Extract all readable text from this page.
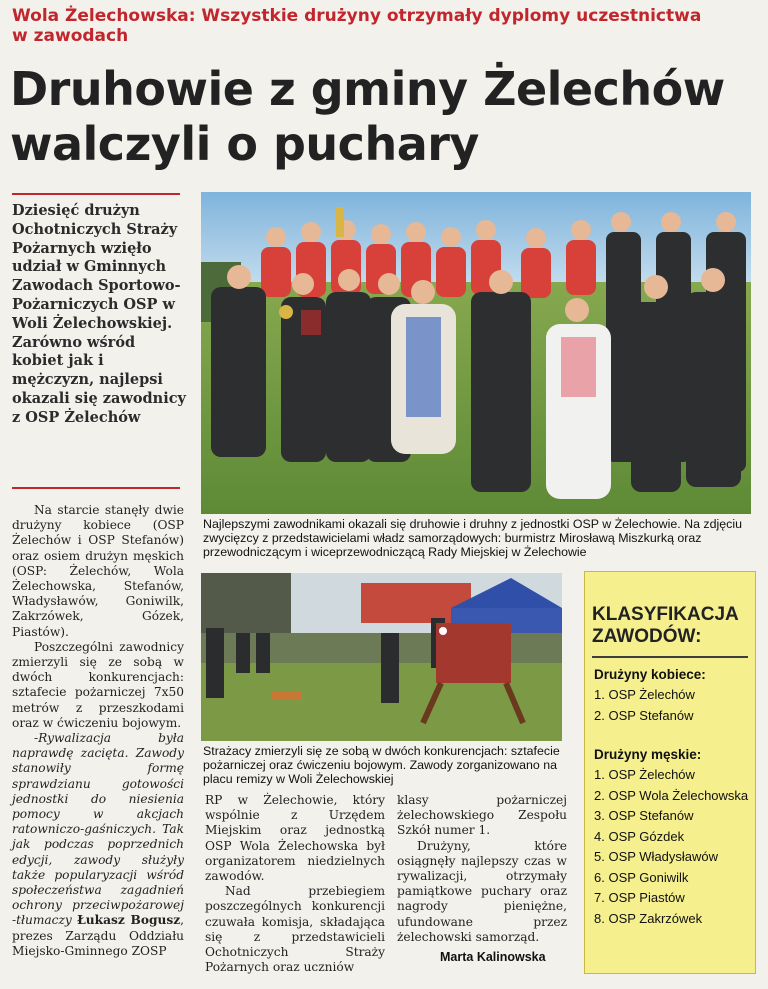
Wola Żelechowska: Wszystkie drużyny otrzymały dyplomy uczestnictwa w zawodach
Druhowie z gminy Żelechów walczyli o puchary
Dziesięć drużyn Ochotniczych Straży Pożarnych wzięło udział w Gminnych Zawodach Sportowo-Pożarniczych OSP w Woli Żelechowskiej. Zarówno wśród kobiet jak i mężczyzn, najlepsi okazali się zawodnicy z OSP Żelechów

Na starcie stanęły dwie drużyny kobiece (OSP Żelechów i OSP Stefanów) oraz osiem drużyn męskich (OSP: Żelechów, Wola Żelechowska, Stefanów, Władysławów, Goniwilk, Zakrzówek, Gózek, Piastów).

Poszczególni zawodnicy zmierzyli się ze sobą w dwóch konkurencjach: sztafecie pożarniczej 7x50 metrów z przeszkodami oraz w ćwiczeniu bojowym.

-Rywalizacja była naprawdę zacięta. Zawody stanowiły formę sprawdzianu gotowości jednostki do niesienia pomocy w akcjach ratowniczo-gaśniczych. Tak jak podczas poprzednich edycji, zawody służyły także popularyzacji wśród społeczeństwa zagadnień ochrony przeciwpożarowej -tłumaczy Łukasz Bogusz, prezes Zarządu Oddziału Miejsko-Gminnego ZOSP

Najlepszymi zawodnikami okazali się druhowie i druhny z jednostki OSP w Żelechowie. Na zdjęciu zwycięzcy z przedstawicielami władz samorządowych: burmistrz Mirosławą Miszkurką oraz przewodniczącym i wiceprzewodniczącą Rady Miejskiej w Żelechowie
Strażacy zmierzyli się ze sobą w dwóch konkurencjach: sztafecie pożarniczej oraz ćwiczeniu bojowym. Zawody zorganizowano na placu remizy w Woli Żelechowskiej

RP w Żelechowie, który wspólnie z Urzędem Miejskim oraz jednostką OSP Wola Żelechowska był organizatorem niedzielnych zawodów.

Nad przebiegiem poszczególnych konkurencji czuwała komisja, składająca się z przedstawicieli Ochotniczych Straży Pożarnych oraz uczniów

klasy pożarniczej żelechowskiego Zespołu Szkół numer 1.

Drużyny, które osiągnęły najlepszy czas w rywalizacji, otrzymały pamiątkowe puchary oraz nagrody pieniężne, ufundowane przez żelechowski samorząd.

Marta Kalinowska
KLASYFIKACJA ZAWODÓW:
Drużyny kobiece:
1. OSP Żelechów
2. OSP Stefanów
Drużyny męskie:
1. OSP Żelechów
2. OSP Wola Żelechowska
3. OSP Stefanów
4. OSP Gózdek
5. OSP Władysławów
6. OSP Goniwilk
7. OSP Piastów
8. OSP Zakrzówek
